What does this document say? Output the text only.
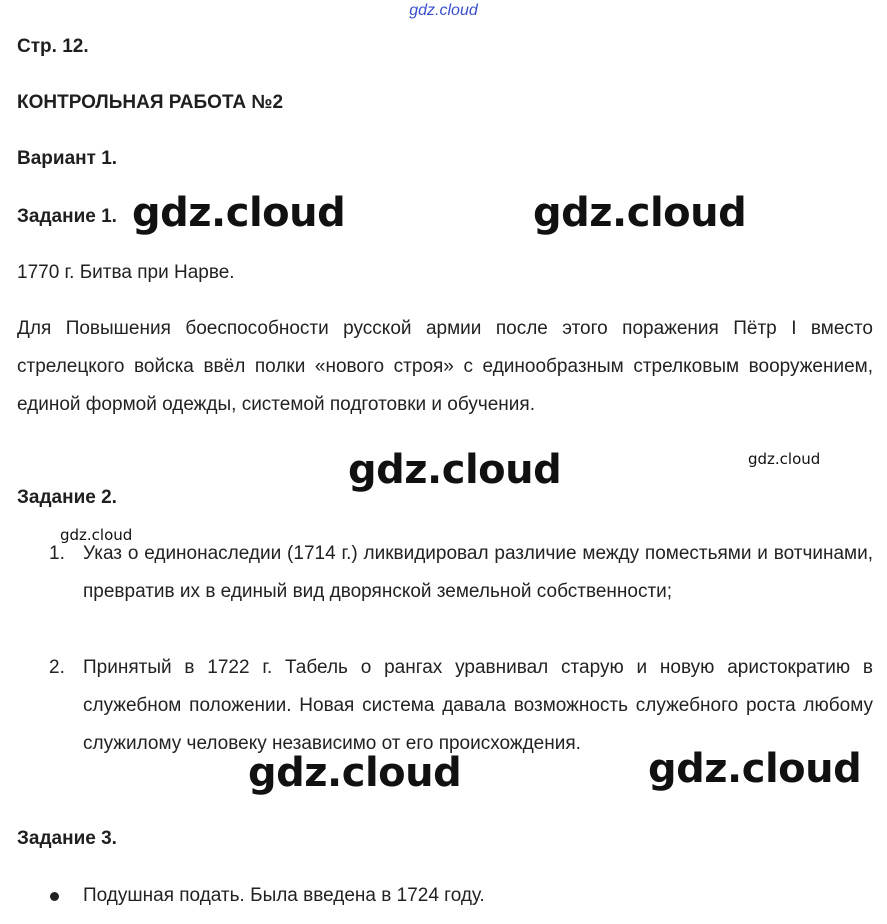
gdz.cloud
Стр. 12.
КОНТРОЛЬНАЯ РАБОТА №2
Вариант 1.
Задание 1.
1770 г. Битва при Нарве.
Для Повышения боеспособности русской армии после этого поражения Пётр I вместо стрелецкого войска ввёл полки «нового строя» с единообразным стрелковым вооружением, единой формой одежды, системой подготовки и обучения.
Задание 2.
1. Указ о единонаследии (1714 г.) ликвидировал различие между поместьями и вотчинами, превратив их в единый вид дворянской земельной собственности;
2. Принятый в 1722 г. Табель о рангах уравнивал старую и новую аристократию в служебном положении. Новая система давала возможность служебного роста любому служилому человеку независимо от его происхождения.
Задание 3.
Подушная подать. Была введена в 1724 году.
gdz.cloud	gdz.cloud
gdz.cloud	gdz.cloud
gdz.cloud
gdz.cloud	gdz.cloud
